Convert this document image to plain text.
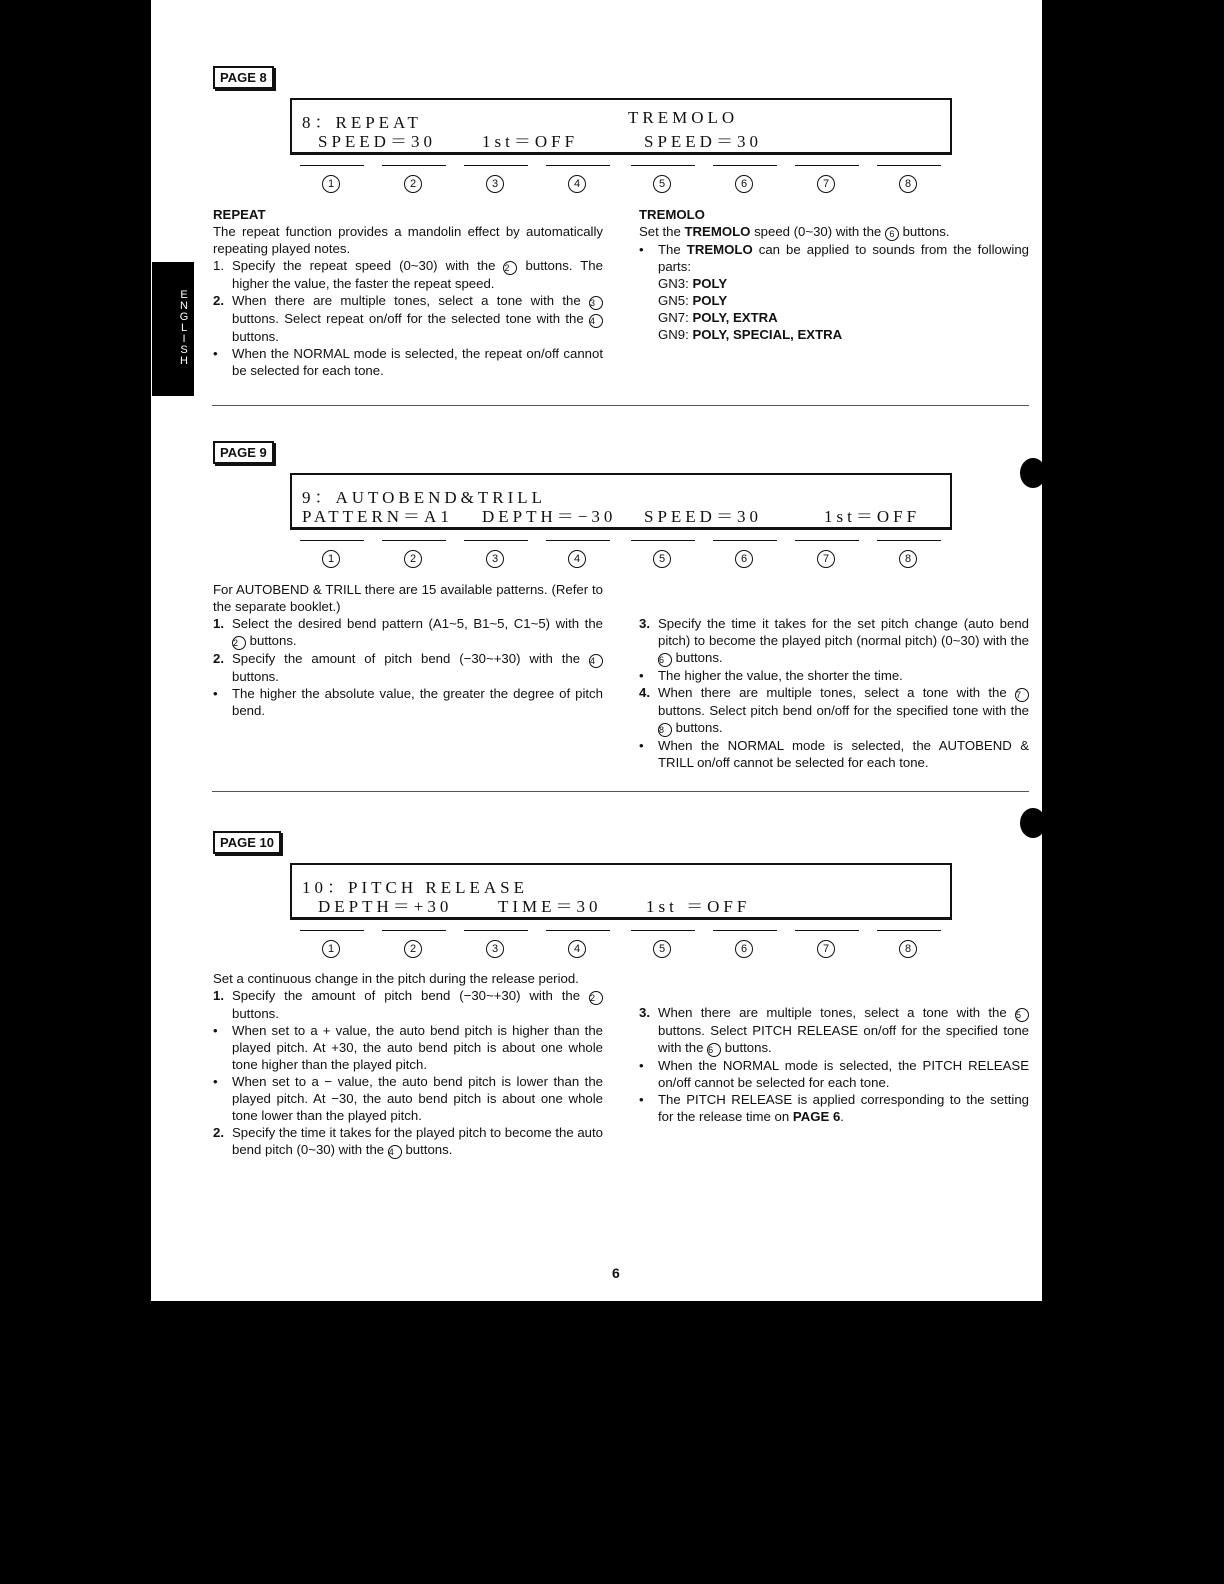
E
N
G
L
I
S
H
PAGE 8

8：REPEAT

	TREMOLO

SPEED＝30

	1st＝OFF

	SPEED＝30

1	2	3	4	5	6	7	8

REPEAT

The repeat function provides a mandolin effect by automatically repeating played notes.

1. Specify the repeat speed (0~30) with the 2 buttons. The higher the value, the faster the repeat speed.
2. When there are multiple tones, select a tone with the 3 buttons. Select repeat on/off for the selected tone with the 4 buttons.
• When the NORMAL mode is selected, the repeat on/off cannot be selected for each tone.

TREMOLO

Set the TREMOLO speed (0~30) with the 6 buttons.

• The TREMOLO can be applied to sounds from the following parts:
GN3: POLY
GN5: POLY
GN7: POLY, EXTRA
GN9: POLY, SPECIAL, EXTRA
PAGE 9

9：AUTOBEND&TRILL

PATTERN＝A1

DEPTH＝−30

SPEED＝30

	1st＝OFF

1	2	3	4	5	6	7	8

For AUTOBEND & TRILL there are 15 available patterns. (Refer to the separate booklet.)

1. Select the desired bend pattern (A1~5, B1~5, C1~5) with the 2 buttons.
2. Specify the amount of pitch bend (−30~+30) with the 4 buttons.
• The higher the absolute value, the greater the degree of pitch bend.
3. Specify the time it takes for the set pitch change (auto bend pitch) to become the played pitch (normal pitch) (0~30) with the 6 buttons.
• The higher the value, the shorter the time.
4. When there are multiple tones, select a tone with the 7 buttons. Select pitch bend on/off for the specified tone with the 8 buttons.
• When the NORMAL mode is selected, the AUTOBEND & TRILL on/off cannot be selected for each tone.
PAGE 10

10：PITCH RELEASE

DEPTH＝+30

	TIME＝30

	1st ＝OFF

1	2	3	4	5	6	7	8

Set a continuous change in the pitch during the release period.

1. Specify the amount of pitch bend (−30~+30) with the 2 buttons.
• When set to a + value, the auto bend pitch is higher than the played pitch. At +30, the auto bend pitch is about one whole tone higher than the played pitch.
• When set to a − value, the auto bend pitch is lower than the played pitch. At −30, the auto bend pitch is about one whole tone lower than the played pitch.
2. Specify the time it takes for the played pitch to become the auto bend pitch (0~30) with the 4 buttons.
3. When there are multiple tones, select a tone with the 5 buttons. Select PITCH RELEASE on/off for the specified tone with the 6 buttons.
• When the NORMAL mode is selected, the PITCH RELEASE on/off cannot be selected for each tone.
• The PITCH RELEASE is applied corresponding to the setting for the release time on PAGE 6.
6
